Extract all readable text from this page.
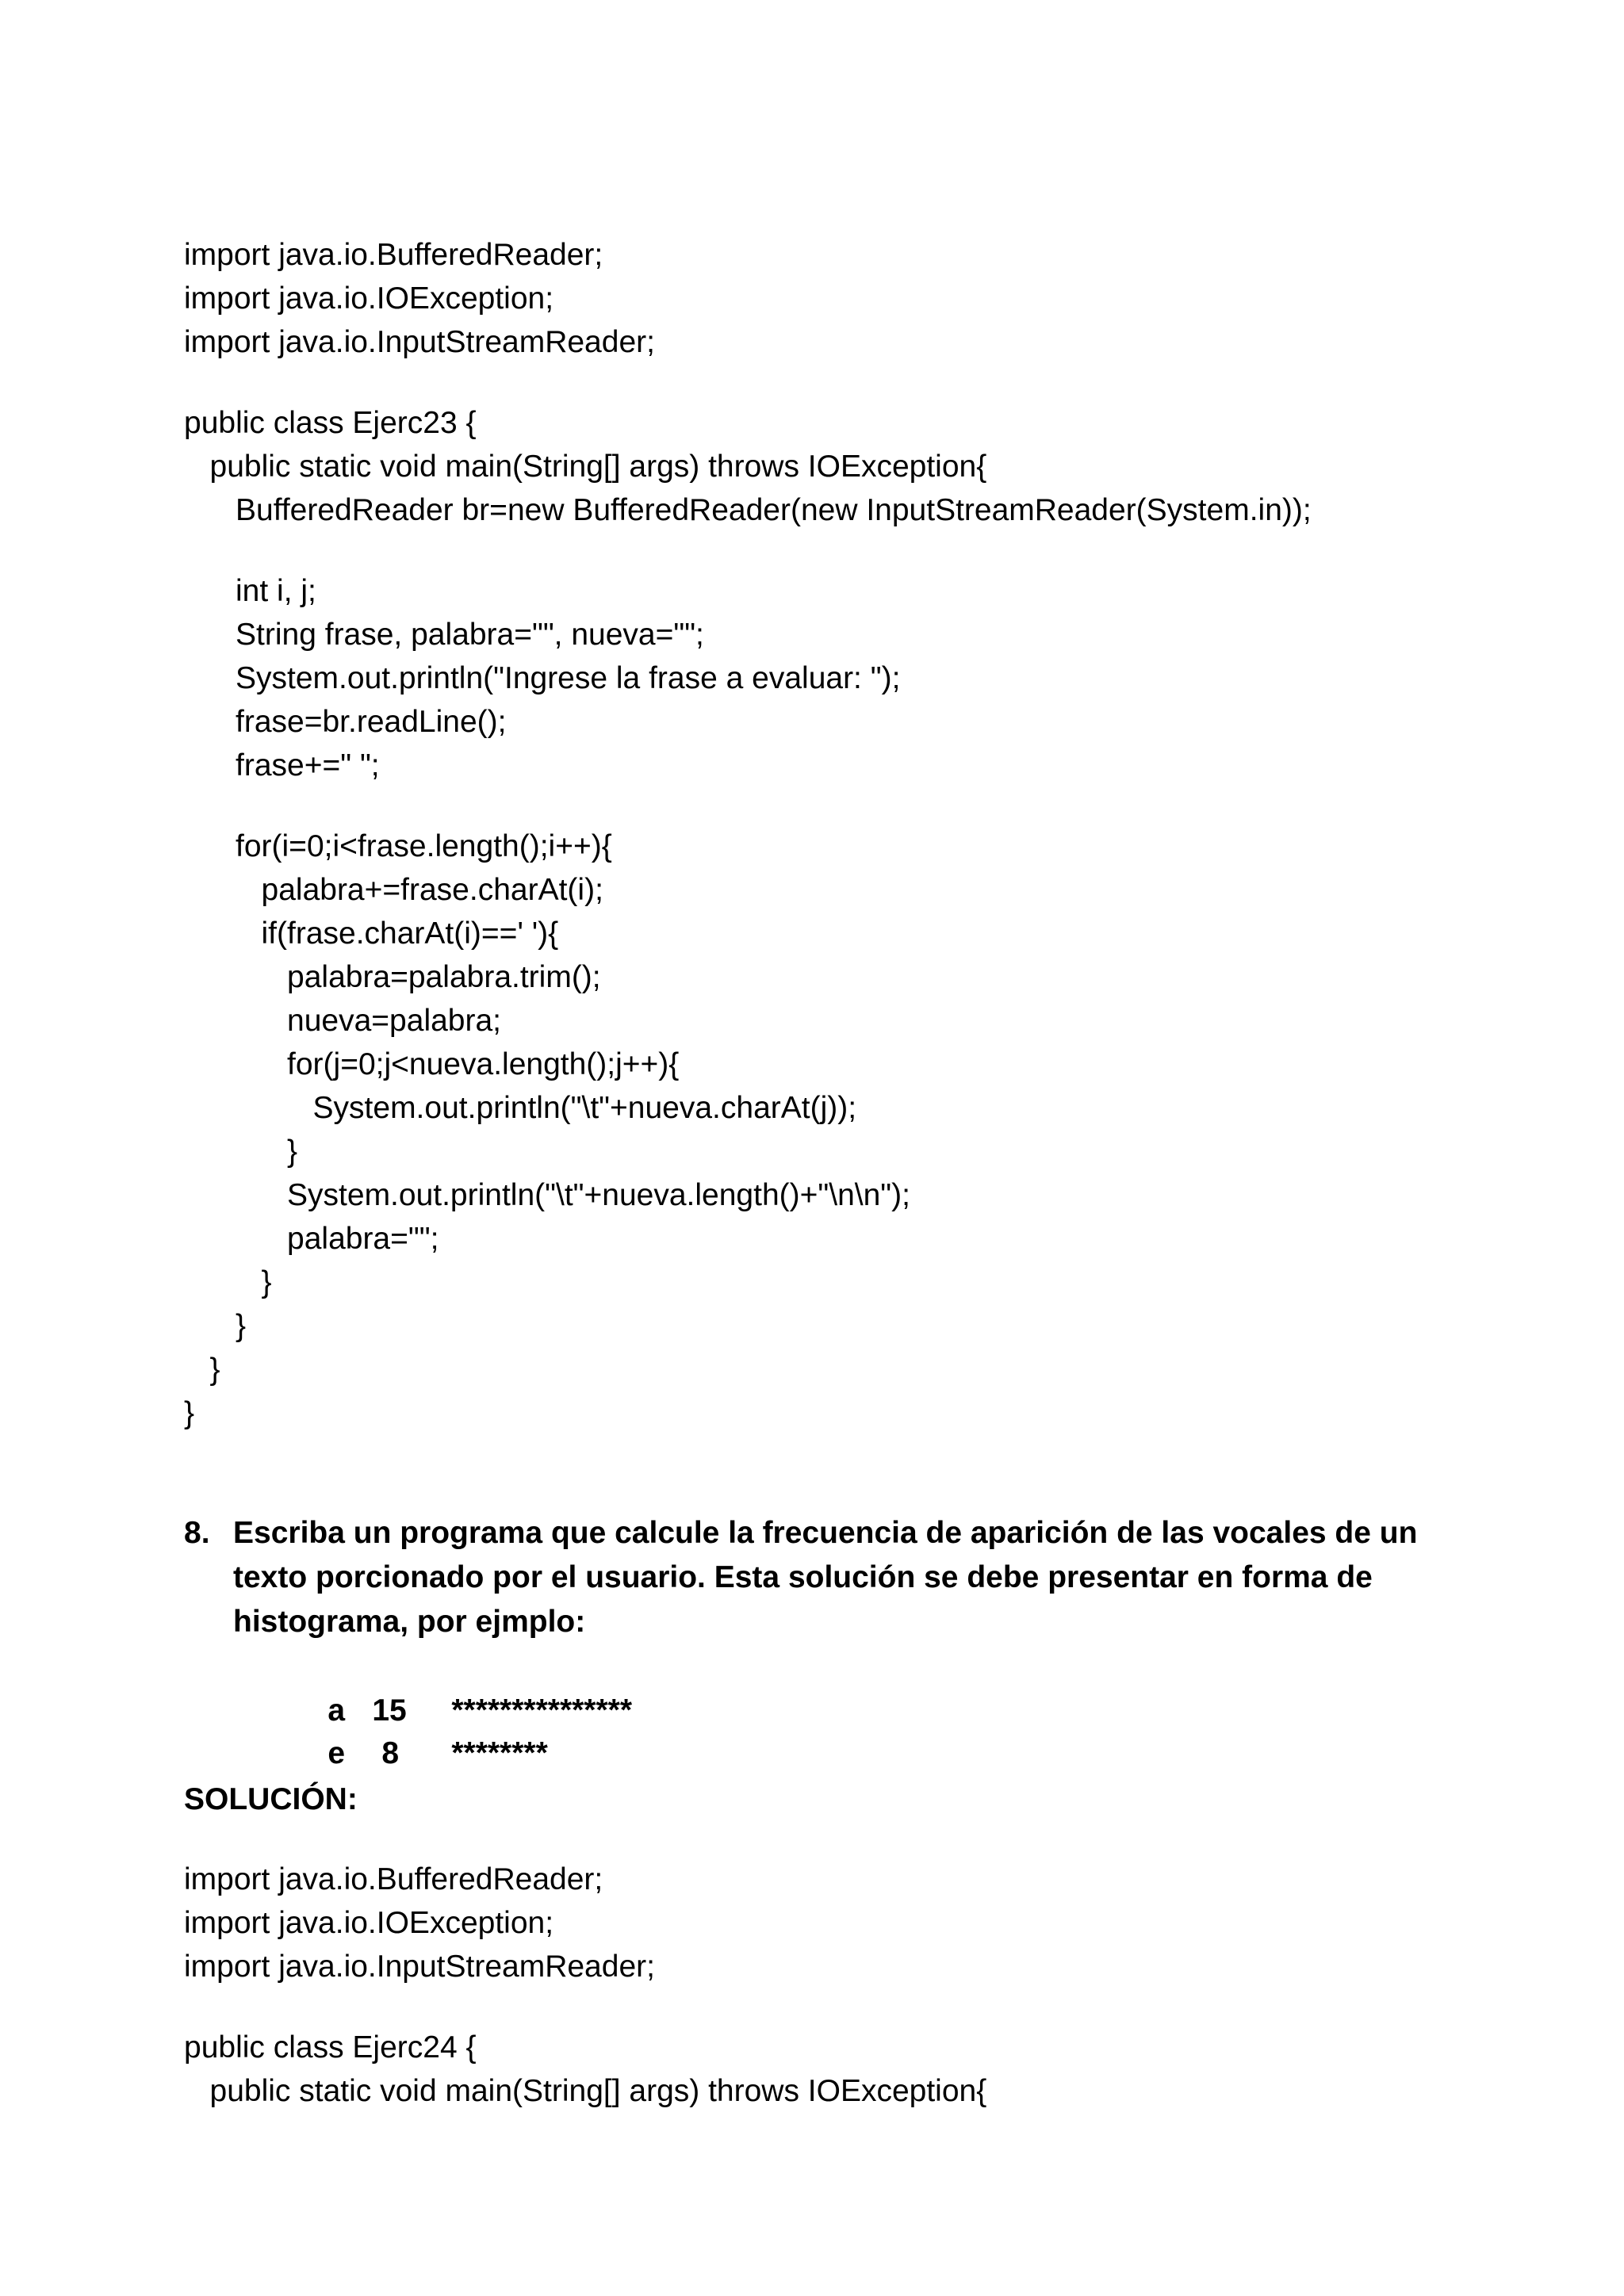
import java.io.BufferedReader;
import java.io.IOException;
import java.io.InputStreamReader;
public class Ejerc23 {
public static void main(String[] args) throws IOException{
BufferedReader br=new BufferedReader(new InputStreamReader(System.in));
int i, j;
String frase, palabra="", nueva="";
System.out.println("Ingrese la frase a evaluar: ");
frase=br.readLine();
frase+=" ";
for(i=0;i<frase.length();i++){
palabra+=frase.charAt(i);
if(frase.charAt(i)==' '){
palabra=palabra.trim();
nueva=palabra;
for(j=0;j<nueva.length();j++){
System.out.println("\t"+nueva.charAt(j));
}
System.out.println("\t"+nueva.length()+"\n\n");
palabra="";
}
}
}
}
8. Escriba un programa que calcule la frecuencia de aparición de las vocales de un texto porcionado por el usuario. Esta solución se debe presentar en forma de histograma, por ejmplo:

a 15 ***************

e 8 ********

SOLUCIÓN:
import java.io.BufferedReader;
import java.io.IOException;
import java.io.InputStreamReader;
public class Ejerc24 {
public static void main(String[] args) throws IOException{
